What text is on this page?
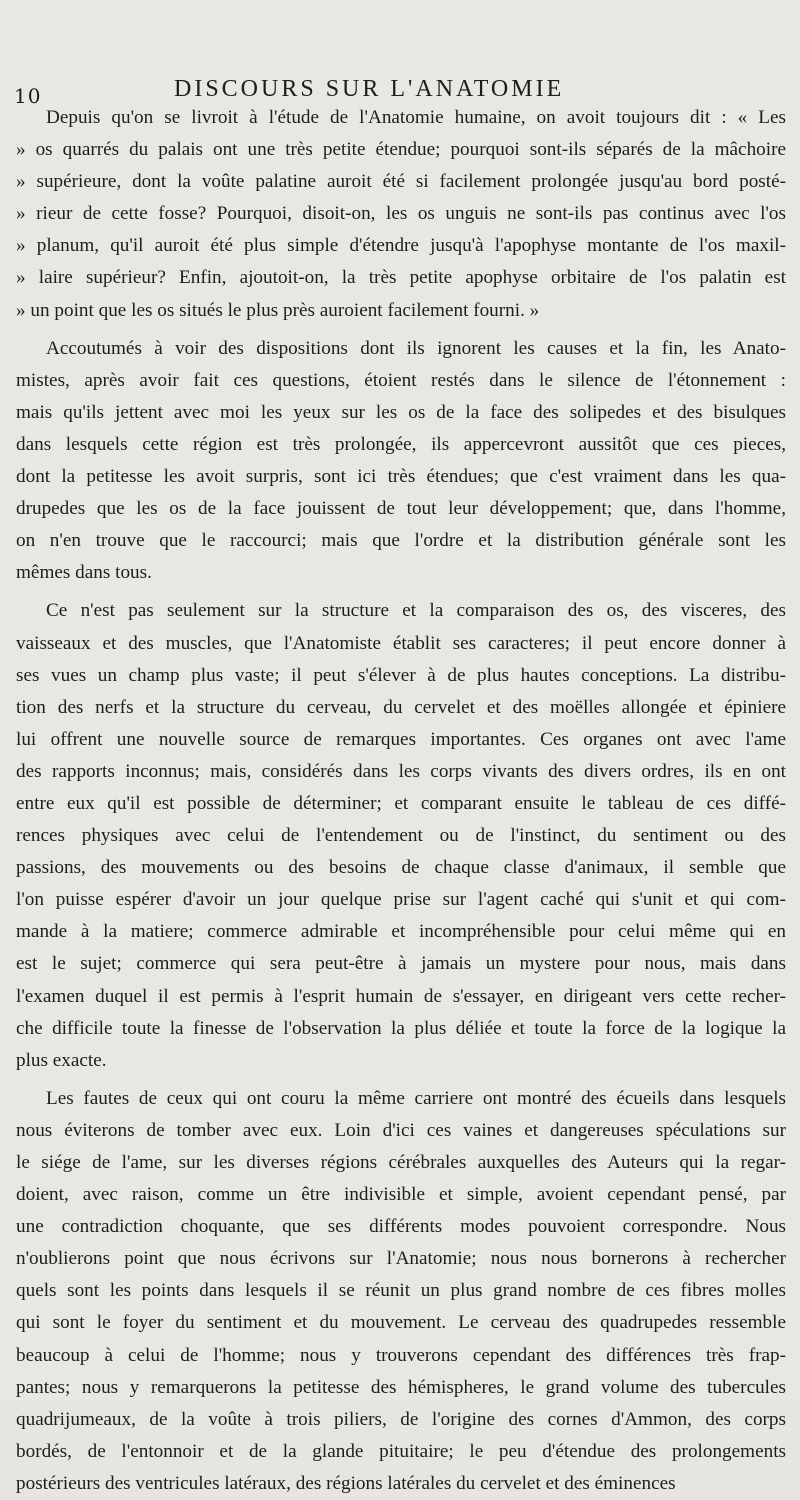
10	DISCOURS SUR L'ANATOMIE

Depuis qu'on se livroit à l'étude de l'Anatomie humaine, on avoit toujours dit : « Les
» os quarrés du palais ont une très petite étendue; pourquoi sont-ils séparés de la mâchoire
» supérieure, dont la voûte palatine auroit été si facilement prolongée jusqu'au bord posté-
» rieur de cette fosse? Pourquoi, disoit-on, les os unguis ne sont-ils pas continus avec l'os
» planum, qu'il auroit été plus simple d'étendre jusqu'à l'apophyse montante de l'os maxil-
» laire supérieur? Enfin, ajoutoit-on, la très petite apophyse orbitaire de l'os palatin est
» un point que les os situés le plus près auroient facilement fourni. »

Accoutumés à voir des dispositions dont ils ignorent les causes et la fin, les Anato-
mistes, après avoir fait ces questions, étoient restés dans le silence de l'étonnement :
mais qu'ils jettent avec moi les yeux sur les os de la face des solipedes et des bisulques
dans lesquels cette région est très prolongée, ils appercevront aussitôt que ces pieces,
dont la petitesse les avoit surpris, sont ici très étendues; que c'est vraiment dans les qua-
drupedes que les os de la face jouissent de tout leur développement; que, dans l'homme,
on n'en trouve que le raccourci; mais que l'ordre et la distribution générale sont les
mêmes dans tous.

Ce n'est pas seulement sur la structure et la comparaison des os, des visceres, des
vaisseaux et des muscles, que l'Anatomiste établit ses caracteres; il peut encore donner à
ses vues un champ plus vaste; il peut s'élever à de plus hautes conceptions. La distribu-
tion des nerfs et la structure du cerveau, du cervelet et des moëlles allongée et épiniere
lui offrent une nouvelle source de remarques importantes. Ces organes ont avec l'ame
des rapports inconnus; mais, considérés dans les corps vivants des divers ordres, ils en ont
entre eux qu'il est possible de déterminer; et comparant ensuite le tableau de ces diffé-
rences physiques avec celui de l'entendement ou de l'instinct, du sentiment ou des
passions, des mouvements ou des besoins de chaque classe d'animaux, il semble que
l'on puisse espérer d'avoir un jour quelque prise sur l'agent caché qui s'unit et qui com-
mande à la matiere; commerce admirable et incompréhensible pour celui même qui en
est le sujet; commerce qui sera peut-être à jamais un mystere pour nous, mais dans
l'examen duquel il est permis à l'esprit humain de s'essayer, en dirigeant vers cette recher-
che difficile toute la finesse de l'observation la plus déliée et toute la force de la logique la
plus exacte.

Les fautes de ceux qui ont couru la même carriere ont montré des écueils dans lesquels
nous éviterons de tomber avec eux. Loin d'ici ces vaines et dangereuses spéculations sur
le siége de l'ame, sur les diverses régions cérébrales auxquelles des Auteurs qui la regar-
doient, avec raison, comme un être indivisible et simple, avoient cependant pensé, par
une contradiction choquante, que ses différents modes pouvoient correspondre. Nous
n'oublierons point que nous écrivons sur l'Anatomie; nous nous bornerons à rechercher
quels sont les points dans lesquels il se réunit un plus grand nombre de ces fibres molles
qui sont le foyer du sentiment et du mouvement. Le cerveau des quadrupedes ressemble
beaucoup à celui de l'homme; nous y trouverons cependant des différences très frap-
pantes; nous y remarquerons la petitesse des hémispheres, le grand volume des tubercules
quadrijumeaux, de la voûte à trois piliers, de l'origine des cornes d'Ammon, des corps
bordés, de l'entonnoir et de la glande pituitaire; le peu d'étendue des prolongements
postérieurs des ventricules latéraux, des régions latérales du cervelet et des éminences
